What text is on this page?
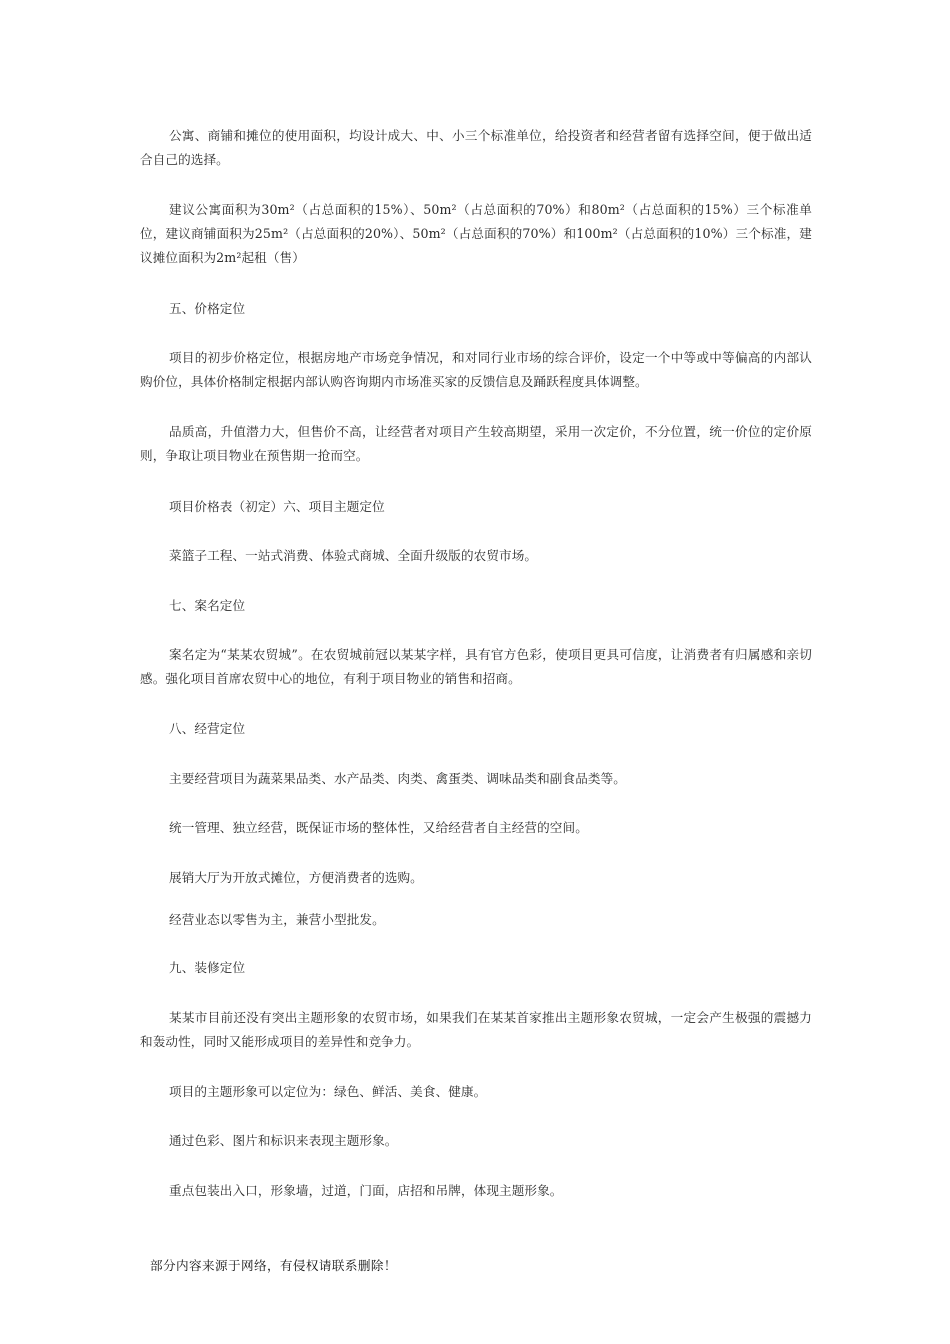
公寓、商铺和摊位的使用面积，均设计成大、中、小三个标准单位，给投资者和经营者留有选择空间，便于做出适合自己的选择。

建议公寓面积为30m²（占总面积的15%）、50m²（占总面积的70%）和80m²（占总面积的15%）三个标准单位，建议商铺面积为25m²（占总面积的20%）、50m²（占总面积的70%）和100m²（占总面积的10%）三个标准，建议摊位面积为2m²起租（售）

五、价格定位

项目的初步价格定位，根据房地产市场竞争情况，和对同行业市场的综合评价，设定一个中等或中等偏高的内部认购价位，具体价格制定根据内部认购咨询期内市场准买家的反馈信息及踊跃程度具体调整。

品质高，升值潜力大，但售价不高，让经营者对项目产生较高期望，采用一次定价，不分位置，统一价位的定价原则，争取让项目物业在预售期一抢而空。

项目价格表（初定）六、项目主题定位

菜篮子工程、一站式消费、体验式商城、全面升级版的农贸市场。

七、案名定位

案名定为“某某农贸城”。在农贸城前冠以某某字样，具有官方色彩，使项目更具可信度，让消费者有归属感和亲切感。强化项目首席农贸中心的地位，有利于项目物业的销售和招商。

八、经营定位

主要经营项目为蔬菜果品类、水产品类、肉类、禽蛋类、调味品类和副食品类等。

统一管理、独立经营，既保证市场的整体性，又给经营者自主经营的空间。

展销大厅为开放式摊位，方便消费者的选购。

经营业态以零售为主，兼营小型批发。

九、装修定位

某某市目前还没有突出主题形象的农贸市场，如果我们在某某首家推出主题形象农贸城，一定会产生极强的震撼力和轰动性，同时又能形成项目的差异性和竞争力。

项目的主题形象可以定位为：绿色、鲜活、美食、健康。

通过色彩、图片和标识来表现主题形象。

重点包装出入口，形象墙，过道，门面，店招和吊牌，体现主题形象。

部分内容来源于网络，有侵权请联系删除！
